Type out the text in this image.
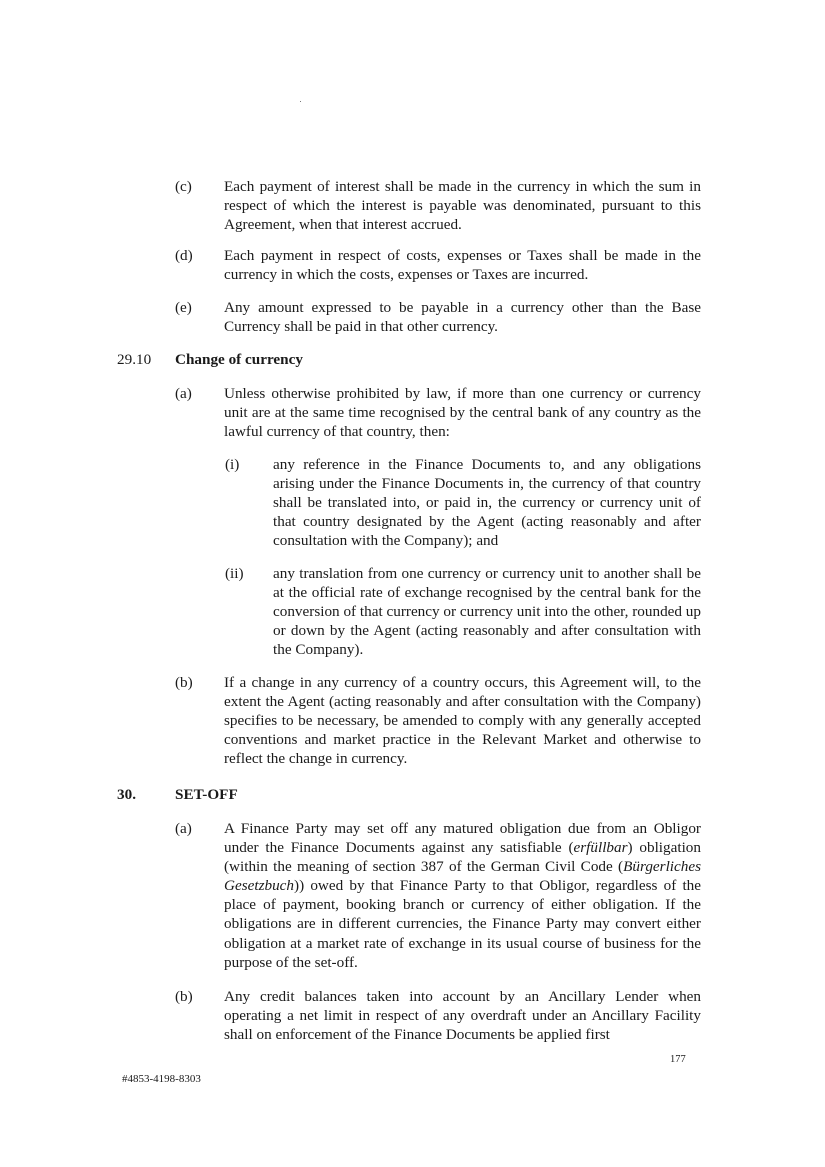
(c) Each payment of interest shall be made in the currency in which the sum in respect of which the interest is payable was denominated, pursuant to this Agreement, when that interest accrued.

(d) Each payment in respect of costs, expenses or Taxes shall be made in the currency in which the costs, expenses or Taxes are incurred.

(e) Any amount expressed to be payable in a currency other than the Base Currency shall be paid in that other currency.

29.10 Change of currency
(a) Unless otherwise prohibited by law, if more than one currency or currency unit are at the same time recognised by the central bank of any country as the lawful currency of that country, then:

(i) any reference in the Finance Documents to, and any obligations arising under the Finance Documents in, the currency of that country shall be translated into, or paid in, the currency or currency unit of that country designated by the Agent (acting reasonably and after consultation with the Company); and

(ii) any translation from one currency or currency unit to another shall be at the official rate of exchange recognised by the central bank for the conversion of that currency or currency unit into the other, rounded up or down by the Agent (acting reasonably and after consultation with the Company).

(b) If a change in any currency of a country occurs, this Agreement will, to the extent the Agent (acting reasonably and after consultation with the Company) specifies to be necessary, be amended to comply with any generally accepted conventions and market practice in the Relevant Market and otherwise to reflect the change in currency.

30.	SET-OFF
(a) A Finance Party may set off any matured obligation due from an Obligor under the Finance Documents against any satisfiable (erfüllbar) obligation (within the meaning of section 387 of the German Civil Code (Bürgerliches Gesetzbuch)) owed by that Finance Party to that Obligor, regardless of the place of payment, booking branch or currency of either obligation. If the obligations are in different currencies, the Finance Party may convert either obligation at a market rate of exchange in its usual course of business for the purpose of the set-off.

(b) Any credit balances taken into account by an Ancillary Lender when operating a net limit in respect of any overdraft under an Ancillary Facility shall on enforcement of the Finance Documents be applied first

177
#4853-4198-8303
